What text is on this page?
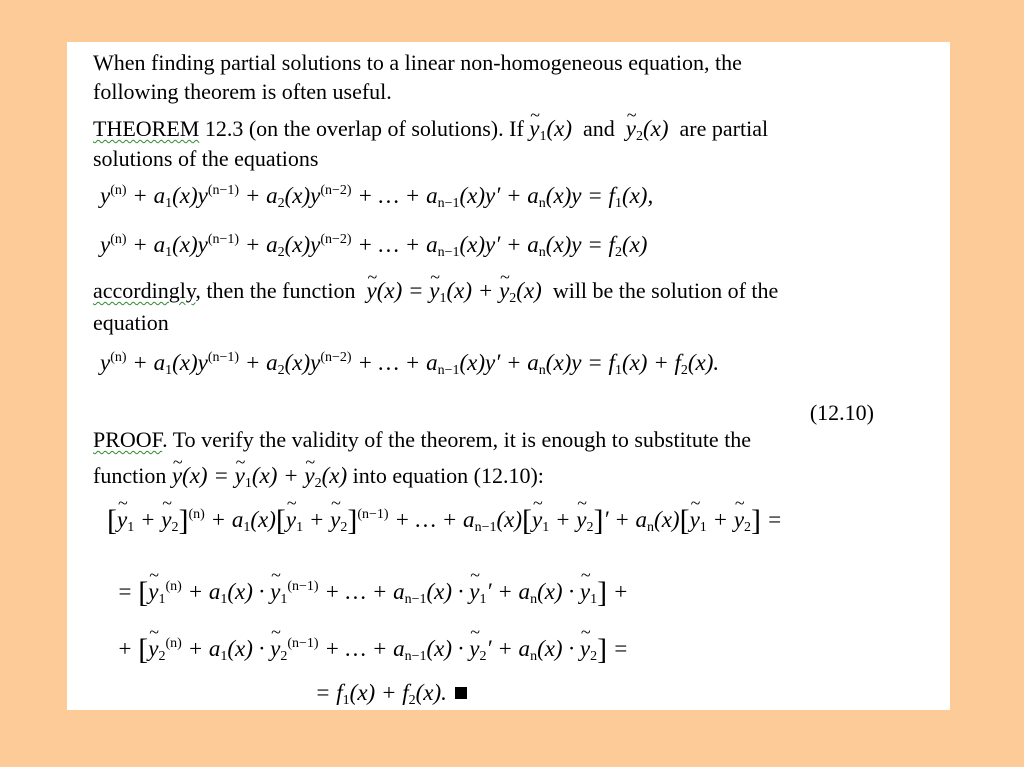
When finding partial solutions to a linear non-homogeneous equation, the
following theorem is often useful.
THEOREM 12.3 (on the overlap of solutions). If ~ $y_1(x)$ and ~ $y_2(x)$ are partial
solutions of the equations
$y^{(n)} + a_1(x)y^{(n-1)} + a_2(x)y^{(n-2)}$ + … + $a_{n-1}(x)y' + a_n(x)y = f_1(x)$,
$y^{(n)} + a_1(x)y^{(n-1)} + a_2(x)y^{(n-2)}$ + … + $a_{n-1}(x)y' + a_n(x)y = f_2(x)$
accordingly, then the function ~ y(x) = ~ $y_1(x)$ + ~ $y_2(x)$ will be the solution of the
equation
$y^{(n)} + a_1(x)y^{(n-1)} + a_2(x)y^{(n-2)}$ + … + $a_{n-1}(x)y' + a_n(x)y = f_1(x) + f_2(x)$.
(12.10)
PROOF. To verify the validity of the theorem, it is enough to substitute the
function ~ y(x) = ~ $y_1(x)$ + ~ $y_2(x)$ into equation (12.10):
[~ $y_1$ + ~ $y_2]^{(n)}$ + $a_1(x)[\sim$ $y_1$ + ~ $y_2]^{(n-1)}$ + … + $a_{n-1}(x)[\sim$ $y_1$ + ~ $y_2]'$ + $a_n(x)[\sim$ $y_1$ + ~ $y_2$] =
= [~ $y_1^{(n)} + a_1(x)$ · ~ $y_1^{(n-1)}$ + … + $a_{n-1}(x)$ · ~ $y_1' + a_n(x)$ · ~ $y_1$] +
+ [~ $y_2^{(n)} + a_1(x)$ · ~ $y_2^{(n-1)}$ + … + $a_{n-1}(x)$ · ~ $y_2' + a_n(x)$ · ~ $y_2$] =
= $f_1(x) + f_2(x)$.
